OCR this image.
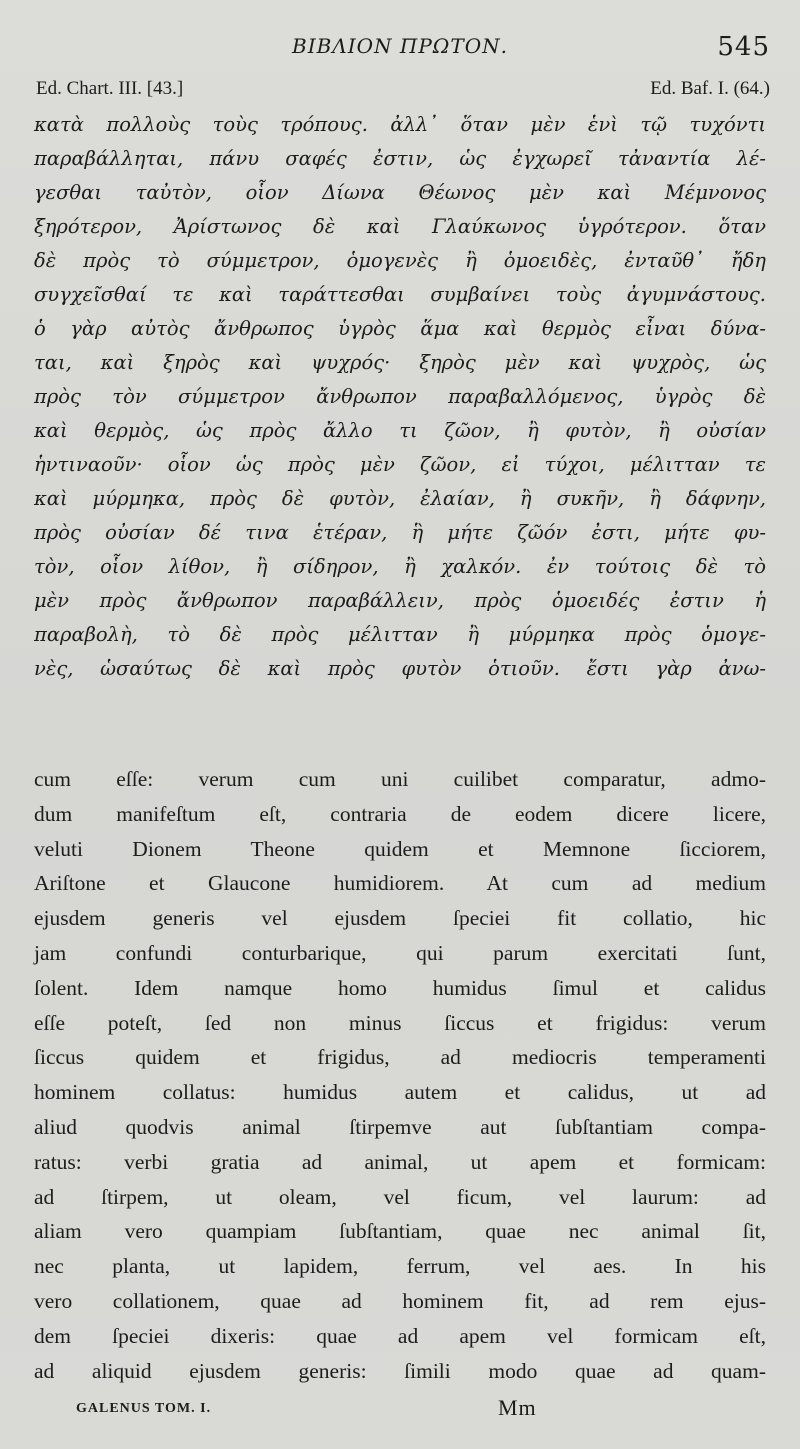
ΒΙΒΛΙΟΝ ΠΡΩΤΟΝ.	545
Ed. Chart. III. [43.]	Ed. Baf. I. (64.)
κατὰ πολλοὺς τοὺς τρόπους. ἀλλ᾽ ὅταν μὲν ἑνὶ τῷ τυχόντι
παραβάλληται, πάνυ σαφές ἐστιν, ὡς ἐγχωρεῖ τἀναντία λέ-
γεσθαι ταὐτὸν, οἷον Δίωνα Θέωνος μὲν καὶ Μέμνονος
ξηρότερον, Ἀρίστωνος δὲ καὶ Γλαύκωνος ὑγρότερον. ὅταν
δὲ πρὸς τὸ σύμμετρον, ὁμογενὲς ἢ ὁμοειδὲς, ἐνταῦθ᾽ ἤδη
συγχεῖσθαί τε καὶ ταράττεσθαι συμβαίνει τοὺς ἀγυμνάστους.
ὁ γὰρ αὐτὸς ἄνθρωπος ὑγρὸς ἅμα καὶ θερμὸς εἶναι δύνα-
ται, καὶ ξηρὸς καὶ ψυχρός· ξηρὸς μὲν καὶ ψυχρὸς, ὡς
πρὸς τὸν σύμμετρον ἄνθρωπον παραβαλλόμενος, ὑγρὸς δὲ
καὶ θερμὸς, ὡς πρὸς ἄλλο τι ζῶον, ἢ φυτὸν, ἢ οὐσίαν
ἡντιναοῦν· οἷον ὡς πρὸς μὲν ζῶον, εἰ τύχοι, μέλιτταν τε
καὶ μύρμηκα, πρὸς δὲ φυτὸν, ἐλαίαν, ἢ συκῆν, ἢ δάφνην,
πρὸς οὐσίαν δέ τινα ἑτέραν, ἣ μήτε ζῶόν ἐστι, μήτε φυ-
τὸν, οἷον λίθον, ἢ σίδηρον, ἢ χαλκόν. ἐν τούτοις δὲ τὸ
μὲν πρὸς ἄνθρωπον παραβάλλειν, πρὸς ὁμοειδές ἐστιν ἡ
παραβολὴ, τὸ δὲ πρὸς μέλιτταν ἢ μύρμηκα πρὸς ὁμογε-
νὲς, ὡσαύτως δὲ καὶ πρὸς φυτὸν ὁτιοῦν. ἔστι γὰρ ἀνω-
cum eſſe: verum cum uni cuilibet comparatur, admo-
dum manifeſtum eſt, contraria de eodem dicere licere,
veluti Dionem Theone quidem et Memnone ſicciorem,
Ariſtone et Glaucone humidiorem. At cum ad medium
ejusdem generis vel ejusdem ſpeciei fit collatio, hic
jam confundi conturbarique, qui parum exercitati ſunt,
ſolent. Idem namque homo humidus ſimul et calidus
eſſe poteſt, ſed non minus ſiccus et frigidus: verum
ſiccus quidem et frigidus, ad mediocris temperamenti
hominem collatus: humidus autem et calidus, ut ad
aliud quodvis animal ſtirpemve aut ſubſtantiam compa-
ratus: verbi gratia ad animal, ut apem et formicam:
ad ſtirpem, ut oleam, vel ficum, vel laurum: ad
aliam vero quampiam ſubſtantiam, quae nec animal ſit,
nec planta, ut lapidem, ferrum, vel aes. In his
vero collationem, quae ad hominem fit, ad rem ejus-
dem ſpeciei dixeris: quae ad apem vel formicam eſt,
ad aliquid ejusdem generis: ſimili modo quae ad quam-
GALENUS TOM. I.	Mm
